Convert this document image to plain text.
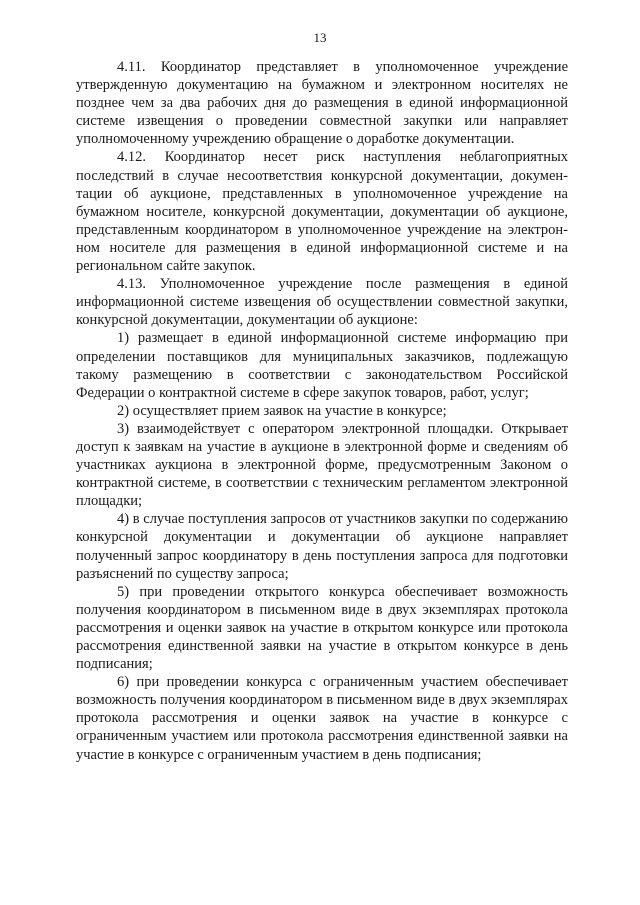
13

4.11. Координатор представляет в уполномоченное учреждение утвержденную документацию на бумажном и электронном носителях не позднее чем за два рабочих дня до размещения в единой информационной системе извещения о проведении совместной закупки или направляет уполномоченному учреждению обращение о доработке документации.

4.12. Координатор несет риск наступления неблагоприятных последствий в случае несоответствия конкурсной документации, документации об аукционе, представленных в уполномоченное учреждение на бумажном носителе, конкурсной документации, документации об аукционе, представленным координатором в уполномоченное учреждение на электронном носителе для размещения в единой информационной системе и на региональном сайте закупок.

4.13. Уполномоченное учреждение после размещения в единой информационной системе извещения об осуществлении совместной закупки, конкурсной документации, документации об аукционе:

1) размещает в единой информационной системе информацию при определении поставщиков для муниципальных заказчиков, подлежащую такому размещению в соответствии с законодательством Российской Федерации о контрактной системе в сфере закупок товаров, работ, услуг;

2) осуществляет прием заявок на участие в конкурсе;

3) взаимодействует с оператором электронной площадки. Открывает доступ к заявкам на участие в аукционе в электронной форме и сведениям об участниках аукциона в электронной форме, предусмотренным Законом о контрактной системе, в соответствии с техническим регламентом электронной площадки;

4) в случае поступления запросов от участников закупки по содержанию конкурсной документации и документации об аукционе направляет полученный запрос координатору в день поступления запроса для подготовки разъяснений по существу запроса;

5) при проведении открытого конкурса обеспечивает возможность получения координатором в письменном виде в двух экземплярах протокола рассмотрения и оценки заявок на участие в открытом конкурсе или протокола рассмотрения единственной заявки на участие в открытом конкурсе в день подписания;

6) при проведении конкурса с ограниченным участием обеспечивает возможность получения координатором в письменном виде в двух экземплярах протокола рассмотрения и оценки заявок на участие в конкурсе с ограниченным участием или протокола рассмотрения единственной заявки на участие в конкурсе с ограниченным участием в день подписания;
